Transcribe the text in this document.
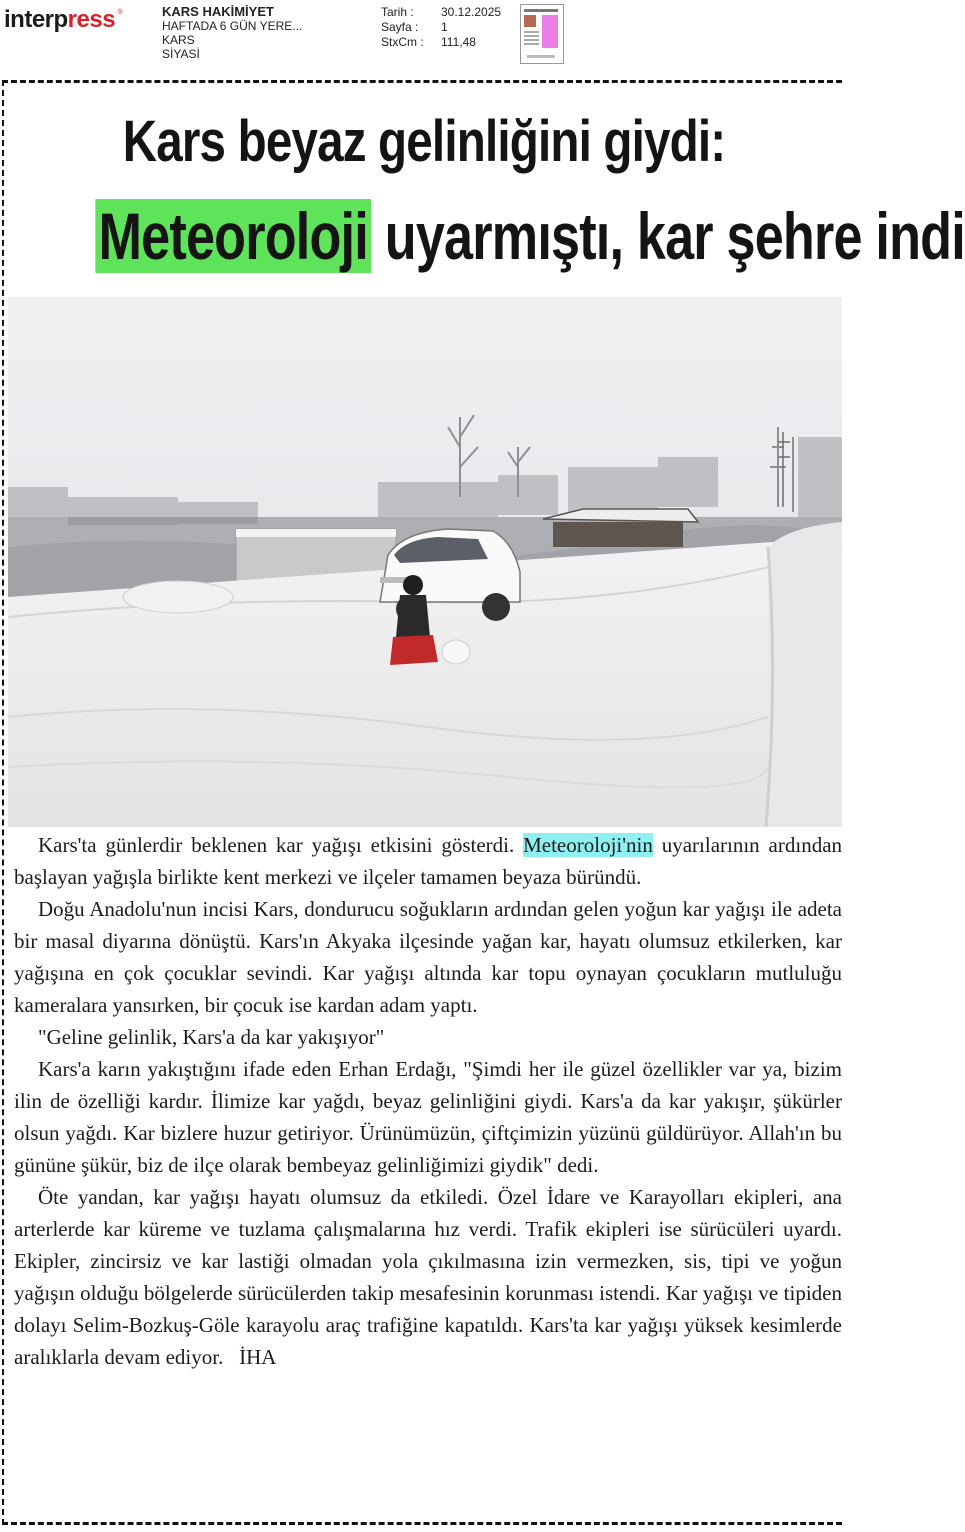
interpress ®	KARS HAKİMİYET
HAFTADA 6 GÜN YERE...
KARS
SİYASİ
Tarih :	30.12.2025
Sayfa :	1
StxCm :	111,48
Kars beyaz gelinliğini giydi:
Meteoroloji uyarmıştı, kar şehre indi

Kars'ta günlerdir beklenen kar yağışı etkisini gösterdi. Meteoroloji'nin uyarılarının ardından başlayan yağışla birlikte kent merkezi ve ilçeler tamamen beyaza büründü.

Doğu Anadolu'nun incisi Kars, dondurucu soğukların ardından gelen yoğun kar yağışı ile adeta bir masal diyarına dönüştü. Kars'ın Akyaka ilçesinde yağan kar, hayatı olumsuz etkilerken, kar yağışına en çok çocuklar sevindi. Kar yağışı altında kar topu oynayan çocukların mutluluğu kameralara yansırken, bir çocuk ise kardan adam yaptı.

"Geline gelinlik, Kars'a da kar yakışıyor"

Kars'a karın yakıştığını ifade eden Erhan Erdağı, "Şimdi her ile güzel özellikler var ya, bizim ilin de özelliği kardır. İlimize kar yağdı, beyaz gelinliğini giydi. Kars'a da kar yakışır, şükürler olsun yağdı. Kar bizlere huzur getiriyor. Ürünümüzün, çiftçimizin yüzünü güldürüyor. Allah'ın bu gününe şükür, biz de ilçe olarak bembeyaz gelinliğimizi giydik" dedi.

Öte yandan, kar yağışı hayatı olumsuz da etkiledi. Özel İdare ve Karayolları ekipleri, ana arterlerde kar küreme ve tuzlama çalışmalarına hız verdi. Trafik ekipleri ise sürücüleri uyardı. Ekipler, zincirsiz ve kar lastiği olmadan yola çıkılmasına izin vermezken, sis, tipi ve yoğun yağışın olduğu bölgelerde sürücülerden takip mesafesinin korunması istendi. Kar yağışı ve tipiden dolayı Selim-Bozkuş-Göle karayolu araç trafiğine kapatıldı. Kars'ta kar yağışı yüksek kesimlerde aralıklarla devam ediyor. İHA
